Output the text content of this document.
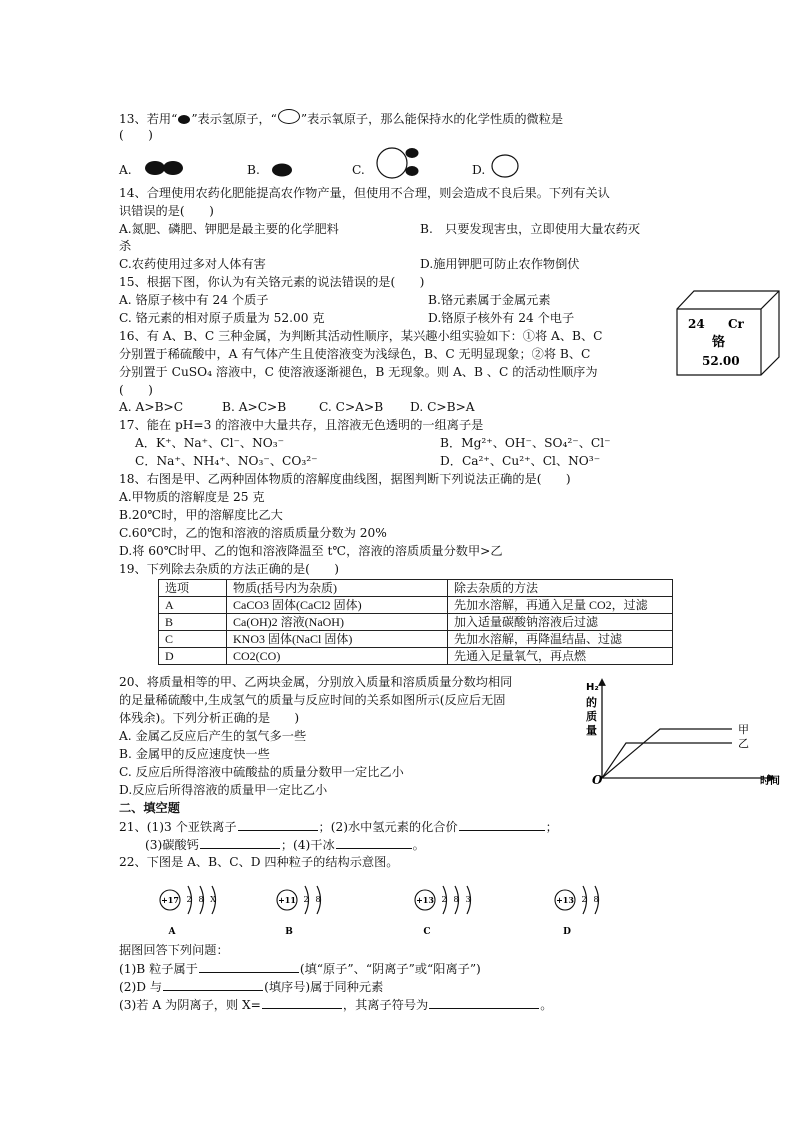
13、若用“ ”表示氢原子，“ ”表示氧原子，那么能保持水的化学性质的微粒是
(　　)
A.	B.	C.	D.
14、合理使用农药化肥能提高农作物产量，但使用不合理，则会造成不良后果。下列有关认
识错误的是(　　)
A.氮肥、磷肥、钾肥是最主要的化学肥料	B.　只要发现害虫，立即使用大量农药灭
杀
C.农药使用过多对人体有害	D.施用钾肥可防止农作物倒伏
15、根据下图，你认为有关铬元素的说法错误的是(　　)
A. 铬原子核中有 24 个质子	B.铬元素属于金属元素
C. 铬元素的相对原子质量为 52.00 克	D.铬原子核外有 24 个电子	24 Cr
铬
52.00
16、有 A、B、C 三种金属，为判断其活动性顺序，某兴趣小组实验如下：①将 A、B、C
分别置于稀硫酸中，A 有气体产生且使溶液变为浅绿色，B、C 无明显现象；②将 B、C
分别置于 CuSO₄ 溶液中，C 使溶液逐渐褪色，B 无现象。则 A、B 、C 的活动性顺序为
(　　)
A. A>B>C	B. A>C>B	C. C>A>B D. C>B>A
17、能在 pH=3 的溶液中大量共存，且溶液无色透明的一组离子是
A．K⁺、Na⁺、Cl⁻、NO₃⁻	B．Mg²⁺、OH⁻、SO₄²⁻、Cl⁻
C．Na⁺、NH₄⁺、NO₃⁻、CO₃²⁻	D．Ca²⁺、Cu²⁺、Cl、NO³⁻
18、右图是甲、乙两种固体物质的溶解度曲线图，据图判断下列说法正确的是(　　)
A.甲物质的溶解度是 25 克
B.20℃时，甲的溶解度比乙大
C.60℃时，乙的饱和溶液的溶质质量分数为 20%
D.将 60℃时甲、乙的饱和溶液降温至 t℃，溶液的溶质质量分数甲>乙
19、下列除去杂质的方法正确的是(　　)
选项	物质(括号内为杂质)	除去杂质的方法
A	CaCO3 固体(CaCl2 固体)	先加水溶解，再通入足量 CO2，过滤
B	Ca(OH)2 溶液(NaOH)	加入适量碳酸钠溶液后过滤
C	KNO3 固体(NaCl 固体)	先加水溶解，再降温结晶、过滤
D	CO2(CO)	先通入足量氧气，再点燃
20、将质量相等的甲、乙两块金属，分别放入质量和溶质质量分数均相同
的足量稀硫酸中,生成氢气的质量与反应时间的关系如图所示(反应后无固
体残余)。下列分析正确的是　　)
A. 金属乙反应后产生的氢气多一些
B. 金属甲的反应速度快一些
C. 反应后所得溶液中硫酸盐的质量分数甲一定比乙小
D.反应后所得溶液的质量甲一定比乙小
H₂
的
质
量	甲
乙
O	时间
二、填空题
21、(1)3 个亚铁离子	；(2)水中氢元素的化合价	；
(3)碳酸钙	；(4)干冰	。
22、下图是 A、B、C、D 四种粒子的结构示意图。
+17 2 8 X
A
+11 2 8
B
+13 2 8 3
C
+13 2 8
D
据图回答下列问题：
(1)B 粒子属于	(填“原子”、“阴离子”或“阳离子”)
(2)D 与	(填序号)属于同种元素
(3)若 A 为阴离子，则 X=	，其离子符号为	。
